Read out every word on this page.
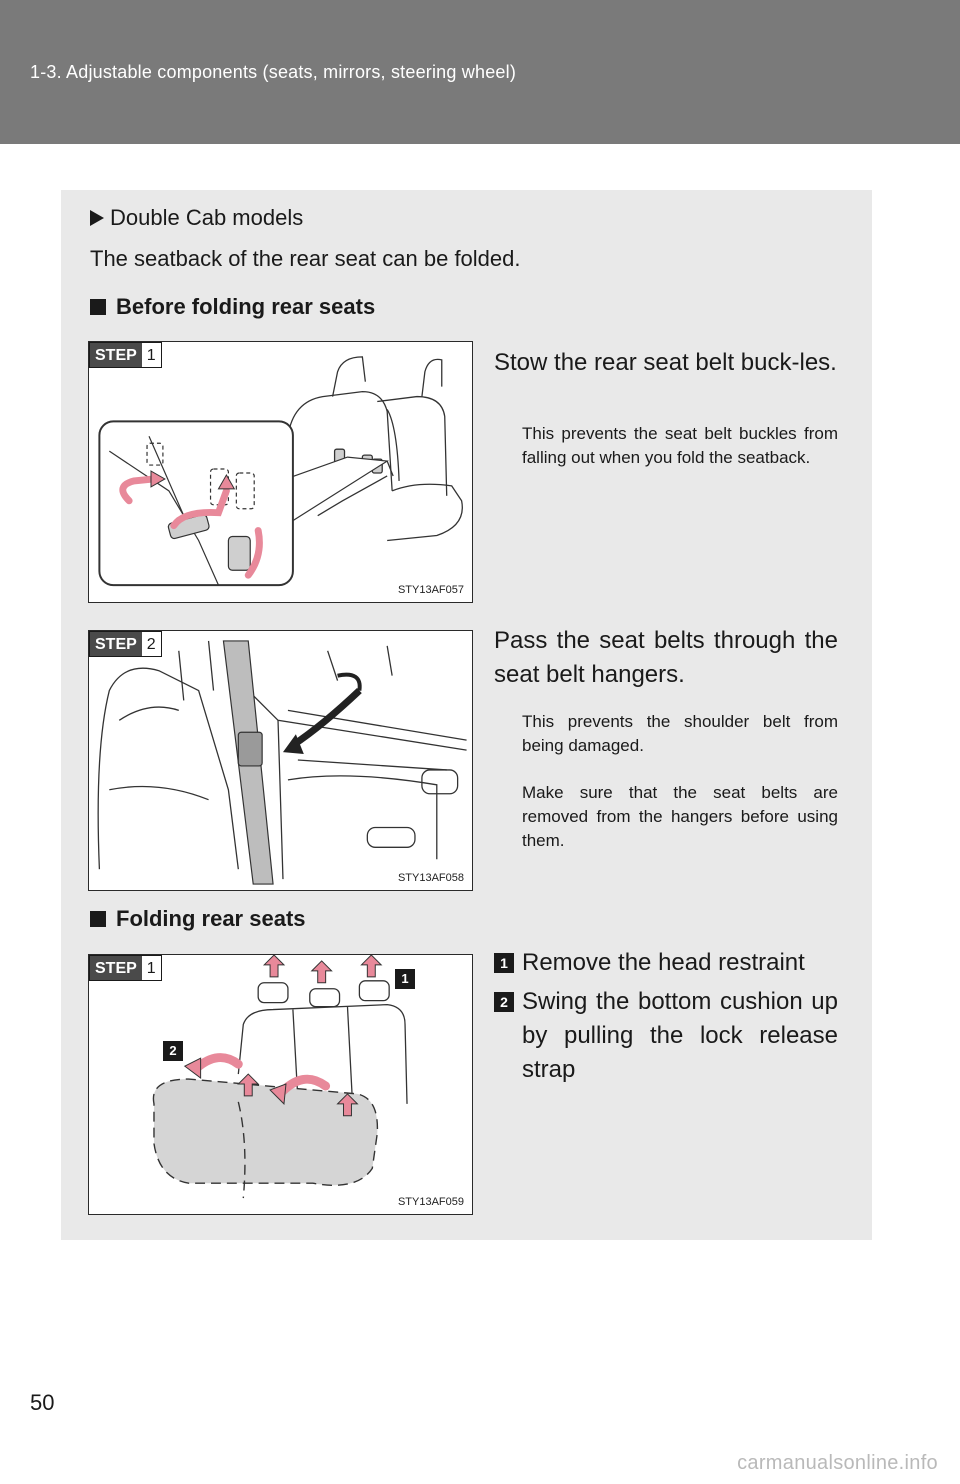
1-3. Adjustable components (seats, mirrors, steering wheel)
Double Cab models
The seatback of the rear seat can be folded.
Before folding rear seats
STEP 1
STY13AF057
Stow the rear seat belt buck-les.
This prevents the seat belt buckles from falling out when you fold the seatback.
STEP 2
STY13AF058
Pass the seat belts through the seat belt hangers.
This prevents the shoulder belt from being damaged.
Make sure that the seat belts are removed from the hangers before using them.
Folding rear seats
STEP 1
1
2
STY13AF059
1 Remove the head restraint
2 Swing the bottom cushion up by pulling the lock release strap
50
carmanualsonline.info
